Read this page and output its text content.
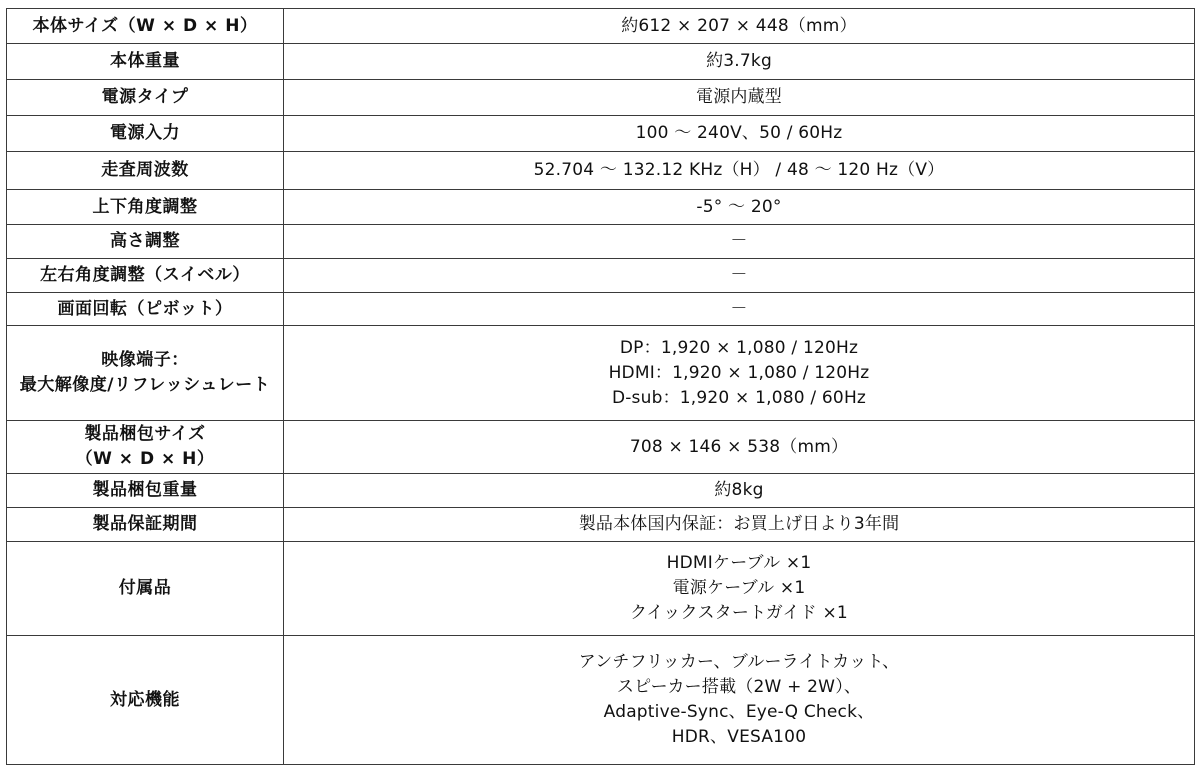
本体サイズ（W × D × H）	約612 × 207 × 448（mm）

本体重量	約3.7kg

電源タイプ	電源内蔵型

電源入力	100 ～ 240V、50 / 60Hz

走査周波数	52.704 ～ 132.12 KHz（H） / 48 ～ 120 Hz（V）

上下角度調整	-5° ～ 20°

高さ調整	－

左右角度調整（スイベル）	－

画面回転（ピボット）	－

映像端子：
最大解像度/リフレッシュレート	DP：1,920 × 1,080 / 120Hz
HDMI：1,920 × 1,080 / 120Hz
D-sub：1,920 × 1,080 / 60Hz

製品梱包サイズ
（W × D × H）	708 × 146 × 538（mm）

製品梱包重量	約8kg

製品保証期間	製品本体国内保証：お買上げ日より3年間

付属品	HDMIケーブル ×1
電源ケーブル ×1
クイックスタートガイド ×1

対応機能	アンチフリッカー、ブルーライトカット、
スピーカー搭載（2W + 2W）、
Adaptive-Sync、Eye-Q Check、
HDR、VESA100
